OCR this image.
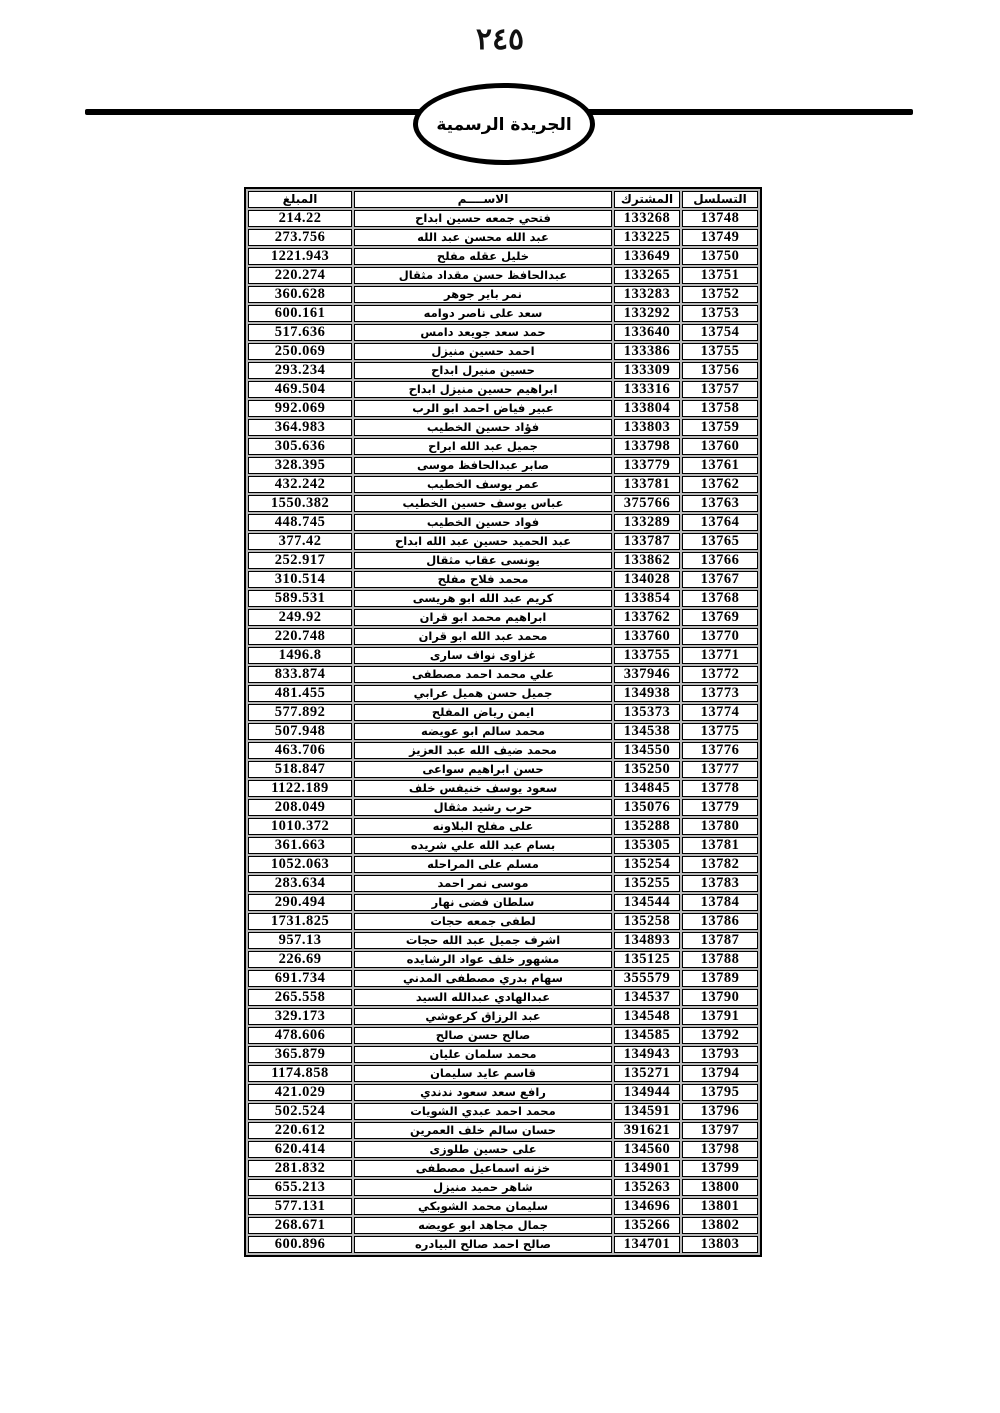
٢٤٥
الجريدة الرسمية
التسلسل	المشترك	الاســــم	المبلغ
13748	133268	فتحي جمعه حسين ابداح	214.22
13749	133225	عبد الله محسن عبد الله	273.756
13750	133649	خليل عقله مفلح	1221.943
13751	133265	عبدالحافظ حسن مقداد مثقال	220.274
13752	133283	نمر باير جوهر	360.628
13753	133292	سعد على ناصر دوامه	600.161
13754	133640	حمد سعد جويعد دامس	517.636
13755	133386	احمد حسين منيزل	250.069
13756	133309	حسين منيرل ابداح	293.234
13757	133316	ابراهيم حسين منيزل ابداح	469.504
13758	133804	عبير فياض احمد ابو الرب	992.069
13759	133803	فؤاد حسين الخطيب	364.983
13760	133798	جميل عبد الله ابراح	305.636
13761	133779	صابر عبدالحافظ موسى	328.395
13762	133781	عمر يوسف الخطيب	432.242
13763	375766	عباس يوسف حسين الخطيب	1550.382
13764	133289	فواد حسين الخطيب	448.745
13765	133787	عبد الحميد حسين عبد الله ابداح	377.42
13766	133862	يونسى عقاب مثقال	252.917
13767	134028	محمد فلاح مفلح	310.514
13768	133854	كريم عبد الله ابو هريسى	589.531
13769	133762	ابراهيم محمد ابو قران	249.92
13770	133760	محمد عبد الله ابو قران	220.748
13771	133755	غزاوى نواف سارى	1496.8
13772	337946	علي محمد احمد مصطفى	833.874
13773	134938	جميل حسن هميل عرابي	481.455
13774	135373	ايمن رياض المفلح	577.892
13775	134538	محمد سالم ابو عويضه	507.948
13776	134550	محمد ضيف الله عبد العزيز	463.706
13777	135250	حسن ابراهيم سواعى	518.847
13778	134845	سعود يوسف خنيفس خلف	1122.189
13779	135076	حرب رشيد مثقال	208.049
13780	135288	على مفلح البلاونه	1010.372
13781	135305	بسام عبد الله علي شريده	361.663
13782	135254	مسلم على المراحله	1052.063
13783	135255	موسى نمر احمد	283.634
13784	134544	سلطان فضى نهار	290.494
13786	135258	لطفى جمعه حجات	1731.825
13787	134893	اشرف جميل عبد الله حجات	957.13
13788	135125	مشهور خلف عواد الرشايده	226.69
13789	355579	سهام بدري مصطفى المدني	691.734
13790	134537	عبدالهادي عبدالله السيد	265.558
13791	134548	عبد الرزاق كرعوشي	329.173
13792	134585	صالح حسن صالح	478.606
13793	134943	محمد سلمان عليان	365.879
13794	135271	قاسم عايد سليمان	1174.858
13795	134944	رافع سعد سعود ندندي	421.029
13796	134591	محمد احمد عبدي الشويات	502.524
13797	391621	حسان سالم خلف العمرين	220.612
13798	134560	على حسين طلوزى	620.414
13799	134901	خزنه اسماعيل مصطفى	281.832
13800	135263	شاهر حميد منيزل	655.213
13801	134696	سليمان محمد الشوبكي	577.131
13802	135266	جمال مجاهد ابو عويضه	268.671
13803	134701	صالح احمد صالح البيادره	600.896
